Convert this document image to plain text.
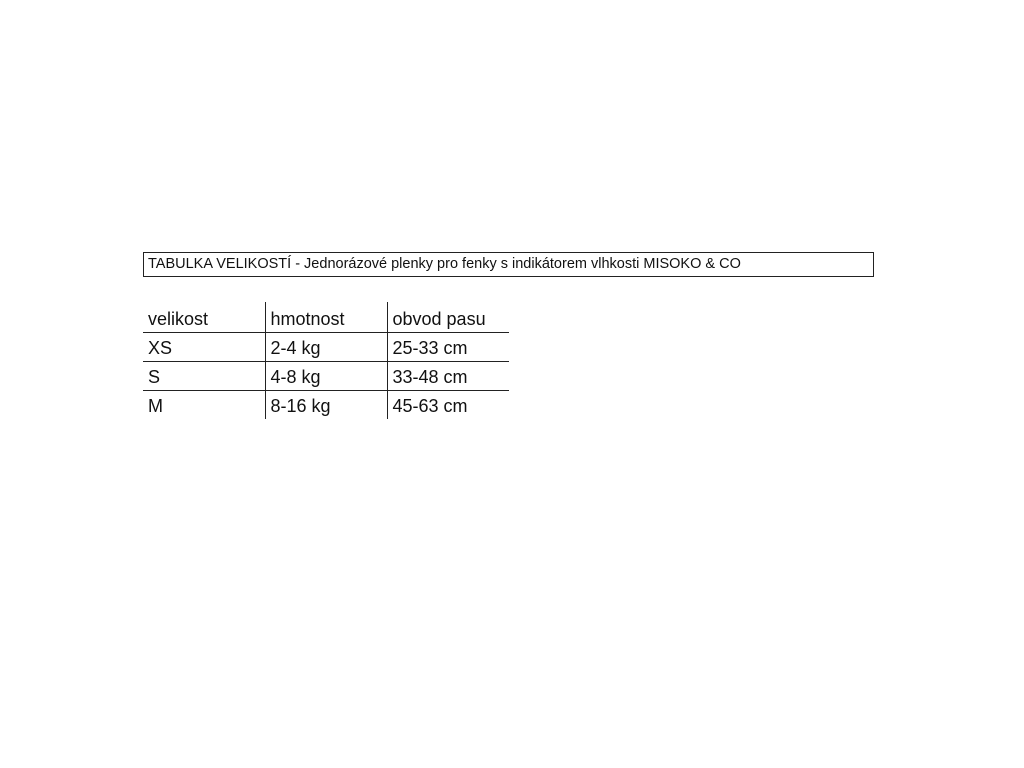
TABULKA VELIKOSTÍ - Jednorázové plenky pro fenky s indikátorem vlhkosti MISOKO & CO
velikost	hmotnost	obvod pasu
XS	2-4 kg	25-33 cm
S	4-8 kg	33-48 cm
M	8-16 kg	45-63 cm
